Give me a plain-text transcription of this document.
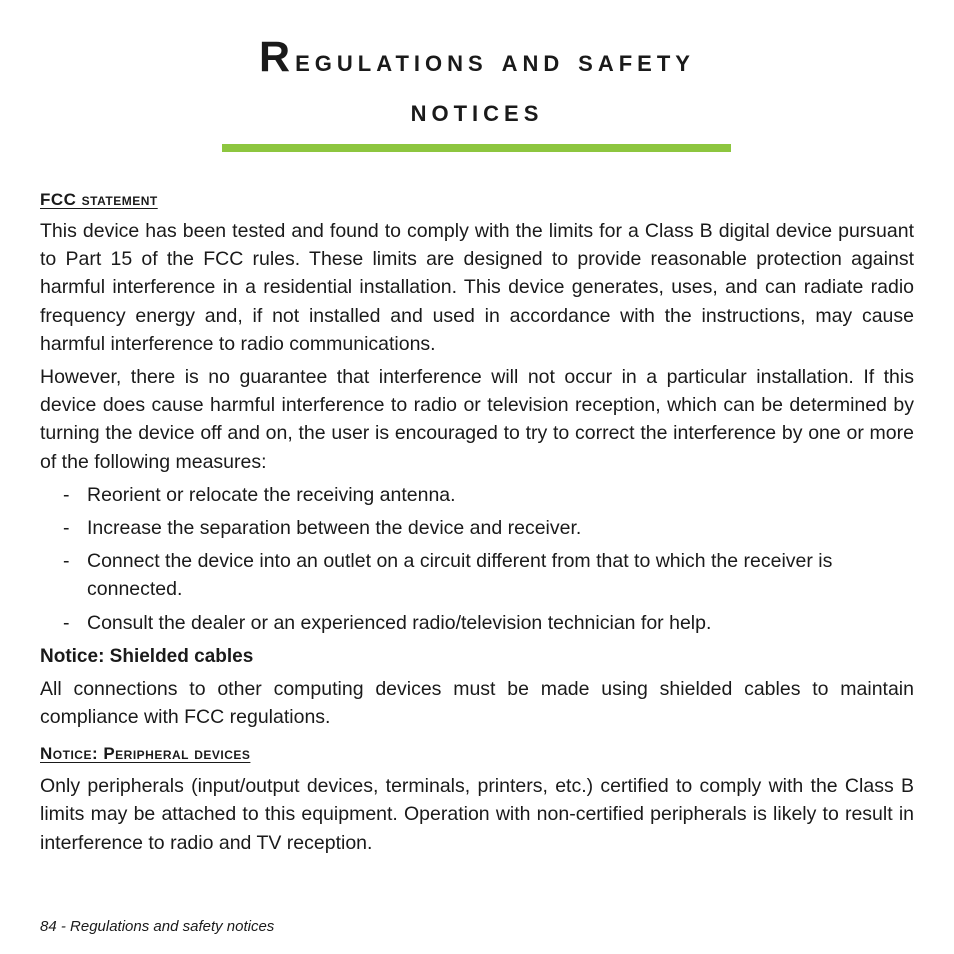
Regulations and safety
notices
FCC statement

This device has been tested and found to comply with the limits for a Class B digital device pursuant to Part 15 of the FCC rules. These limits are designed to provide reasonable protection against harmful interference in a residential installation. This device generates, uses, and can radiate radio frequency energy and, if not installed and used in accordance with the instructions, may cause harmful interference to radio communications.

However, there is no guarantee that interference will not occur in a particular installation. If this device does cause harmful interference to radio or television reception, which can be determined by turning the device off and on, the user is encouraged to try to correct the interference by one or more of the following measures:

- Reorient or relocate the receiving antenna.
- Increase the separation between the device and receiver.
- Connect the device into an outlet on a circuit different from that to which the receiver is connected.
- Consult the dealer or an experienced radio/television technician for help.
Notice: Shielded cables

All connections to other computing devices must be made using shielded cables to maintain compliance with FCC regulations.

Notice: Peripheral devices

Only peripherals (input/output devices, terminals, printers, etc.) certified to comply with the Class B limits may be attached to this equipment. Operation with non-certified peripherals is likely to result in interference to radio and TV reception.

84 - Regulations and safety notices
